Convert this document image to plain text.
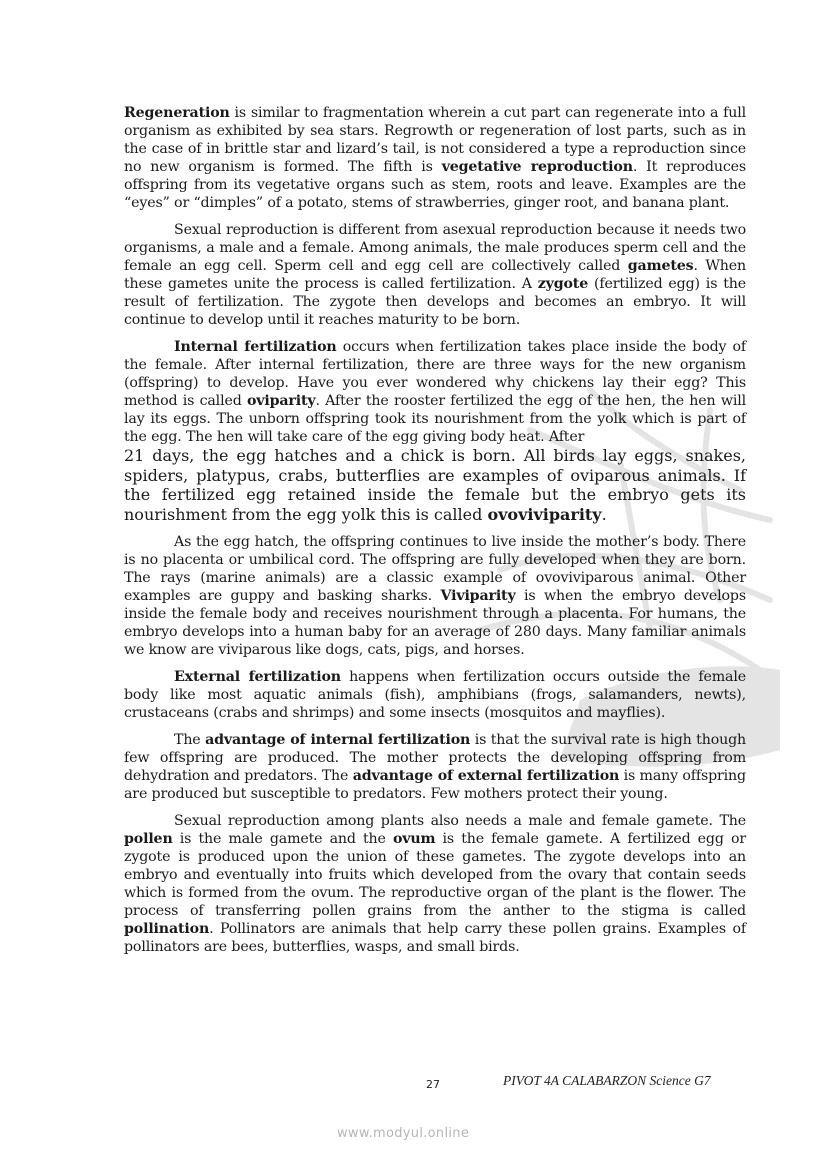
Regeneration is similar to fragmentation wherein a cut part can regenerate into a full organism as exhibited by sea stars. Regrowth or regeneration of lost parts, such as in the case of in brittle star and lizard’s tail, is not considered a type a reproduction since no new organism is formed. The fifth is vegetative reproduction. It reproduces offspring from its vegetative organs such as stem, roots and leave. Examples are the “eyes” or “dimples” of a potato, stems of strawberries, ginger root, and banana plant.

Sexual reproduction is different from asexual reproduction because it needs two organisms, a male and a female. Among animals, the male produces sperm cell and the female an egg cell. Sperm cell and egg cell are collectively called gametes. When these gametes unite the process is called fertilization. A zygote (fertilized egg) is the result of fertilization. The zygote then develops and becomes an embryo. It will continue to develop until it reaches maturity to be born.

Internal fertilization occurs when fertilization takes place inside the body of the female. After internal fertilization, there are three ways for the new organism (offspring) to develop. Have you ever wondered why chickens lay their egg? This method is called oviparity. After the rooster fertilized the egg of the hen, the hen will lay its eggs. The unborn offspring took its nourishment from the yolk which is part of the egg. The hen will take care of the egg giving body heat. After

21 days, the egg hatches and a chick is born. All birds lay eggs, snakes, spiders, platypus, crabs, butterflies are examples of oviparous animals. If the fertilized egg retained inside the female but the embryo gets its nourishment from the egg yolk this is called ovoviviparity.

As the egg hatch, the offspring continues to live inside the mother’s body. There is no placenta or umbilical cord. The offspring are fully developed when they are born. The rays (marine animals) are a classic example of ovoviviparous animal. Other examples are guppy and basking sharks. Viviparity is when the embryo develops inside the female body and receives nourishment through a placenta. For humans, the embryo develops into a human baby for an average of 280 days. Many familiar animals we know are viviparous like dogs, cats, pigs, and horses.

External fertilization happens when fertilization occurs outside the female body like most aquatic animals (fish), amphibians (frogs, salamanders, newts), crustaceans (crabs and shrimps) and some insects (mosquitos and mayflies).

The advantage of internal fertilization is that the survival rate is high though few offspring are produced. The mother protects the developing offspring from dehydration and predators. The advantage of external fertilization is many offspring are produced but susceptible to predators. Few mothers protect their young.

Sexual reproduction among plants also needs a male and female gamete. The pollen is the male gamete and the ovum is the female gamete. A fertilized egg or zygote is produced upon the union of these gametes. The zygote develops into an embryo and eventually into fruits which developed from the ovary that contain seeds which is formed from the ovum. The reproductive organ of the plant is the flower. The process of transferring pollen grains from the anther to the stigma is called pollination. Pollinators are animals that help carry these pollen grains. Examples of pollinators are bees, butterflies, wasps, and small birds.

27	PIVOT 4A CALABARZON Science G7
www.modyul.online
